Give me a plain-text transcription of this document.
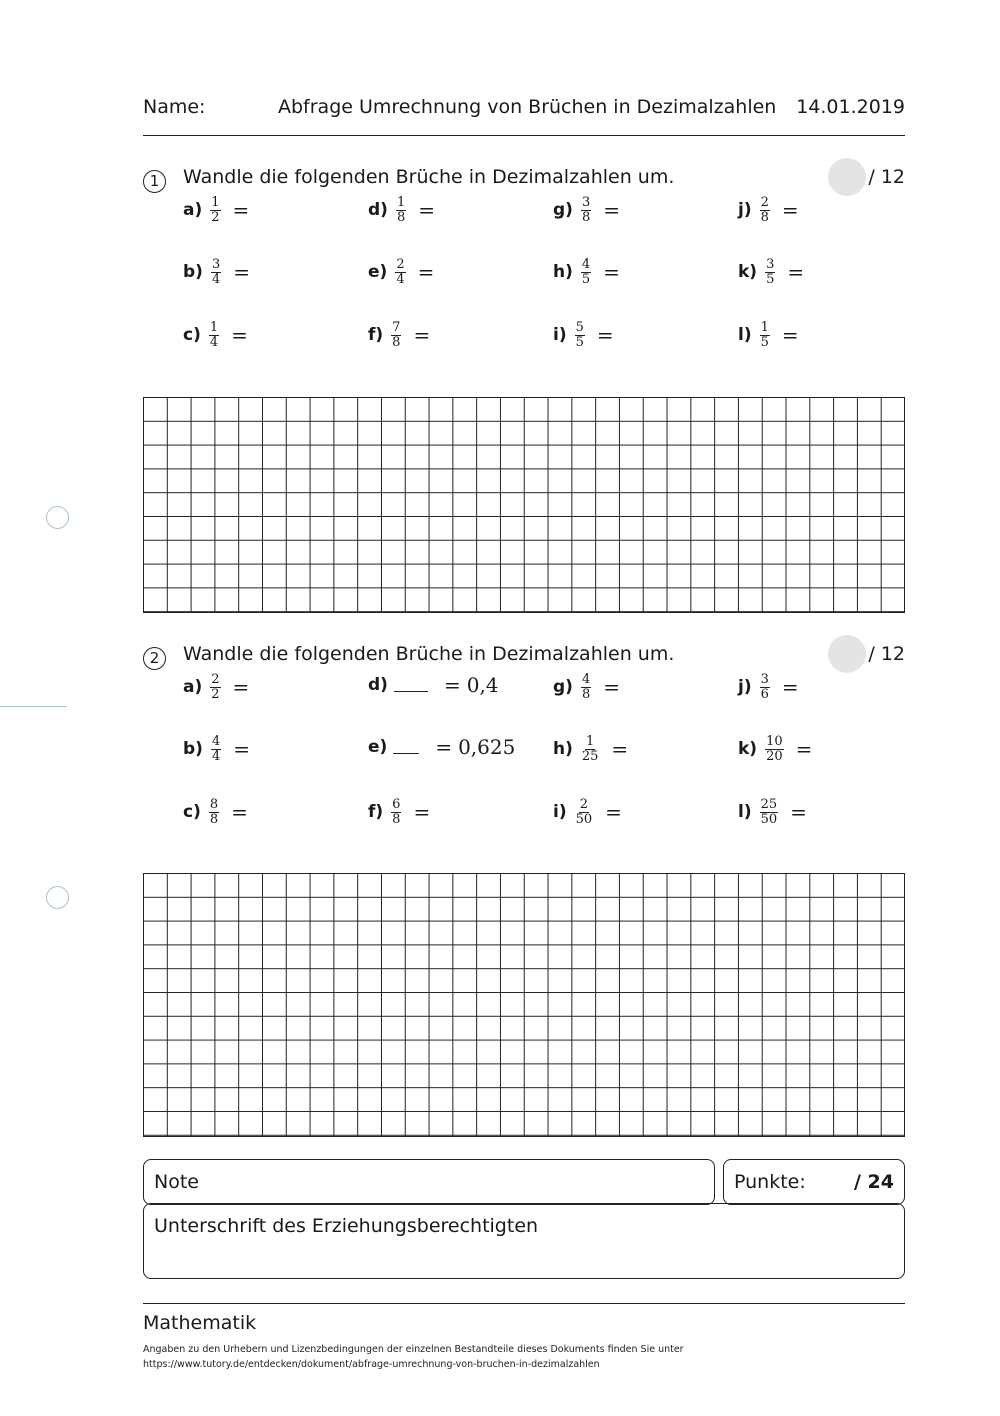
Name:	Abfrage Umrechnung von Brüchen in Dezimalzahlen 14.01.2019
1	Wandle die folgenden Brüche in Dezimalzahlen um.	/ 12
$a) \frac{1}{2}$ =
$b) \frac{3}{4}$ =
$c) \frac{1}{4}$ =
$d) \frac{1}{8}$ =
$e) \frac{2}{4}$ =
$f) \frac{7}{8}$ =
$g) \frac{3}{8}$ =
$h) \frac{4}{5}$ =
$i) \frac{5}{5}$ =
$j) \frac{2}{8}$ =
$k) \frac{3}{5}$ =
$l) \frac{1}{5}$ =
2	Wandle die folgenden Brüche in Dezimalzahlen um.	/ 12
$a) \frac{2}{2}$ =
$b) \frac{4}{4}$ =
$c) \frac{8}{8}$ =
d)	= 0,4
e) = 0,625
$f) \frac{6}{8}$ =
$g) \frac{4}{8}$ =
$h) \frac{1}{25}$ =
$i) \frac{2}{50}$ =
$j) \frac{3}{6}$ =
$k) \frac{10}{20}$ =
$l) \frac{25}{50}$ =
Note	Punkte:	/ 24
Unterschrift des Erziehungsberechtigten
Mathematik
Angaben zu den Urhebern und Lizenzbedingungen der einzelnen Bestandteile dieses Dokuments finden Sie unter
https://www.tutory.de/entdecken/dokument/abfrage-umrechnung-von-bruchen-in-dezimalzahlen
